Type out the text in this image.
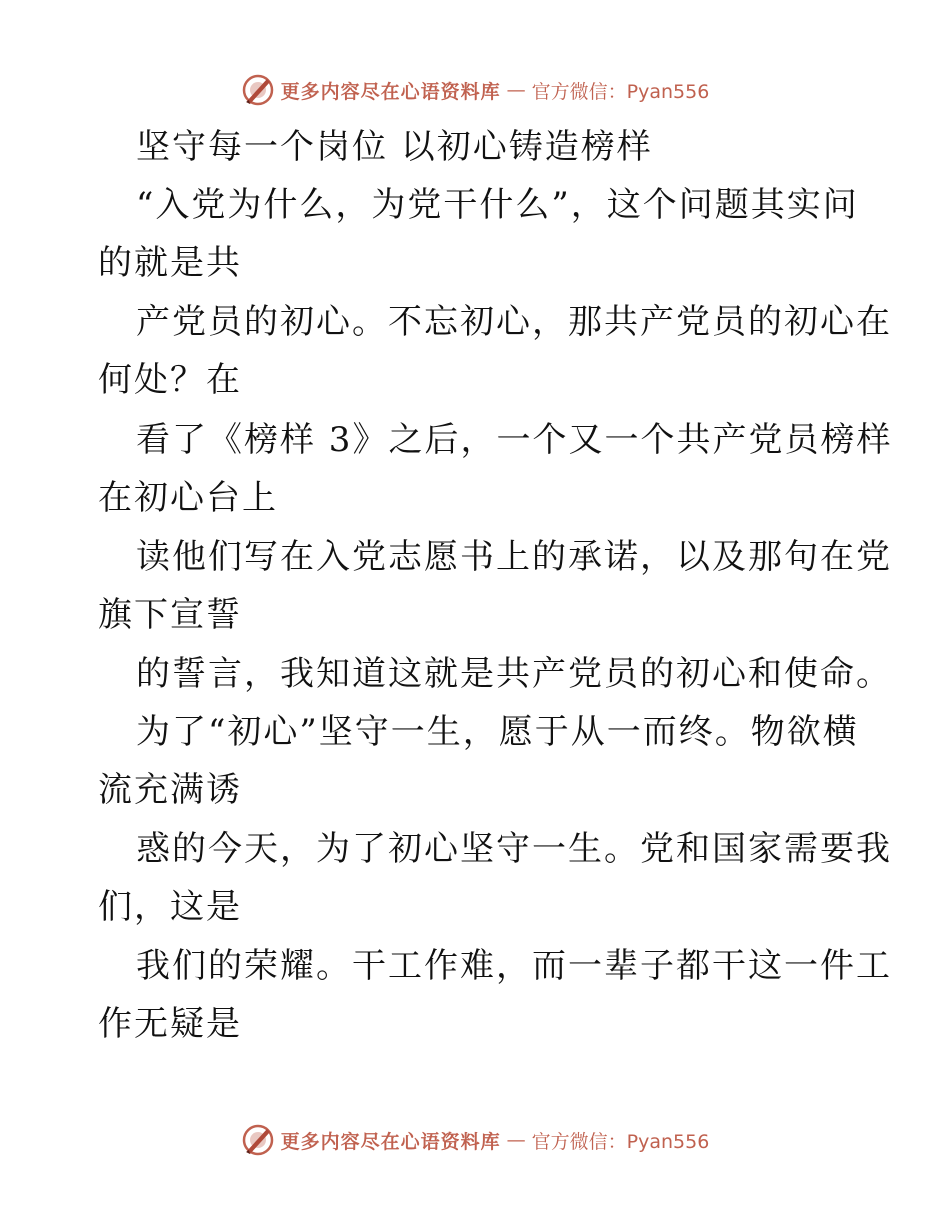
更多内容尽在心语资料库 — 官方微信：Pyan556
坚守每一个岗位 以初心铸造榜样
“入党为什么，为党干什么”，这个问题其实问
的就是共
产党员的初心。不忘初心，那共产党员的初心在
何处？在
看了《榜样 3》之后，一个又一个共产党员榜样
在初心台上
读他们写在入党志愿书上的承诺，以及那句在党
旗下宣誓
的誓言，我知道这就是共产党员的初心和使命。
为了“初心”坚守一生，愿于从一而终。物欲横
流充满诱
惑的今天，为了初心坚守一生。党和国家需要我
们，这是
我们的荣耀。干工作难，而一辈子都干这一件工
作无疑是
更多内容尽在心语资料库 — 官方微信：Pyan556
